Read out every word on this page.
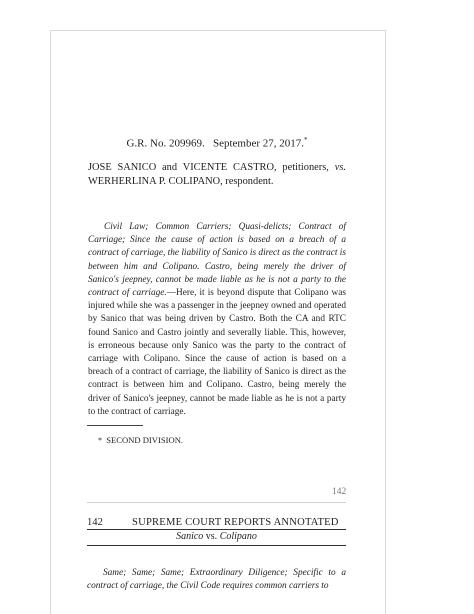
G.R. No. 209969. September 27, 2017.*
JOSE SANICO and VICENTE CASTRO, petitioners, vs. WERHERLINA P. COLIPANO, respondent.

Civil Law; Common Carriers; Quasi-delicts; Contract of Carriage; Since the cause of action is based on a breach of a contract of carriage, the liability of Sanico is direct as the contract is between him and Colipano. Castro, being merely the driver of Sanico's jeepney, cannot be made liable as he is not a party to the contract of carriage.—Here, it is beyond dispute that Colipano was injured while she was a passenger in the jeepney owned and operated by Sanico that was being driven by Castro. Both the CA and RTC found Sanico and Castro jointly and severally liable. This, however, is erroneous because only Sanico was the party to the contract of carriage with Colipano. Since the cause of action is based on a breach of a contract of carriage, the liability of Sanico is direct as the contract is between him and Colipano. Castro, being merely the driver of Sanico's jeepney, cannot be made liable as he is not a party to the contract of carriage.

* SECOND DIVISION.
142
142	SUPREME COURT REPORTS ANNOTATED
Sanico vs. Colipano

Same; Same; Same; Extraordinary Diligence; Specific to a contract of carriage, the Civil Code requires common carriers to
